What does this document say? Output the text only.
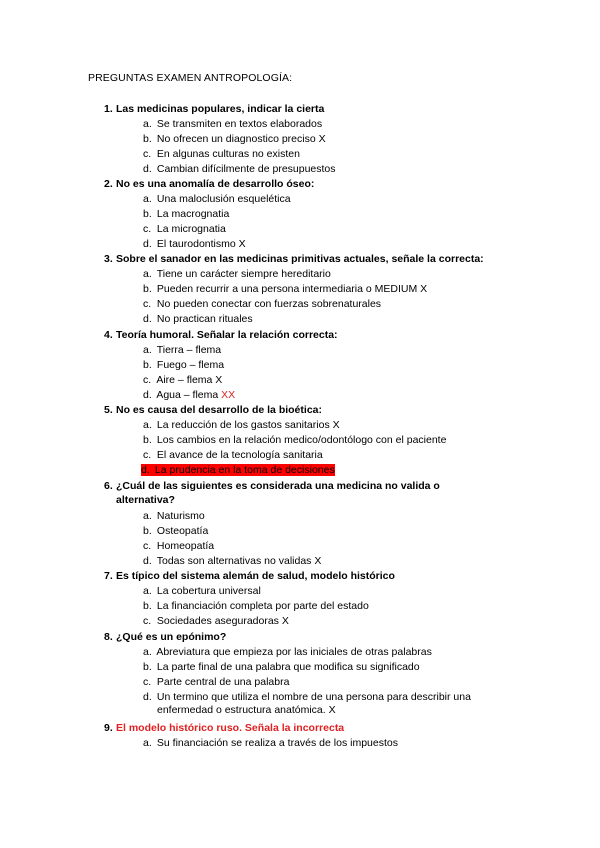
PREGUNTAS EXAMEN ANTROPOLOGÍA:
1. Las medicinas populares, indicar la cierta
a. Se transmiten en textos elaborados
b. No ofrecen un diagnostico preciso X
c. En algunas culturas no existen
d. Cambian difícilmente de presupuestos
2. No es una anomalía de desarrollo óseo:
a. Una maloclusión esquelética
b. La macrognatia
c. La micrognatia
d. El taurodontismo X
3. Sobre el sanador en las medicinas primitivas actuales, señale la correcta:
a. Tiene un carácter siempre hereditario
b. Pueden recurrir a una persona intermediaria o MEDIUM X
c. No pueden conectar con fuerzas sobrenaturales
d. No practican rituales
4. Teoría humoral. Señalar la relación correcta:
a. Tierra – flema
b. Fuego – flema
c. Aire – flema X
d. Agua – flema XX
5. No es causa del desarrollo de la bioética:
a. La reducción de los gastos sanitarios X
b. Los cambios en la relación medico/odontólogo con el paciente
c. El avance de la tecnología sanitaria
d. La prudencia en la toma de decisiones
6. ¿Cuál de las siguientes es considerada una medicina no valida o
alternativa?
a. Naturismo
b. Osteopatía
c. Homeopatía
d. Todas son alternativas no validas X
7. Es típico del sistema alemán de salud, modelo histórico
a. La cobertura universal
b. La financiación completa por parte del estado
c. Sociedades aseguradoras X
8. ¿Qué es un epónimo?
a. Abreviatura que empieza por las iniciales de otras palabras
b. La parte final de una palabra que modifica su significado
c. Parte central de una palabra
d. Un termino que utiliza el nombre de una persona para describir una
enfermedad o estructura anatómica. X
9. El modelo histórico ruso. Señala la incorrecta
a. Su financiación se realiza a través de los impuestos
